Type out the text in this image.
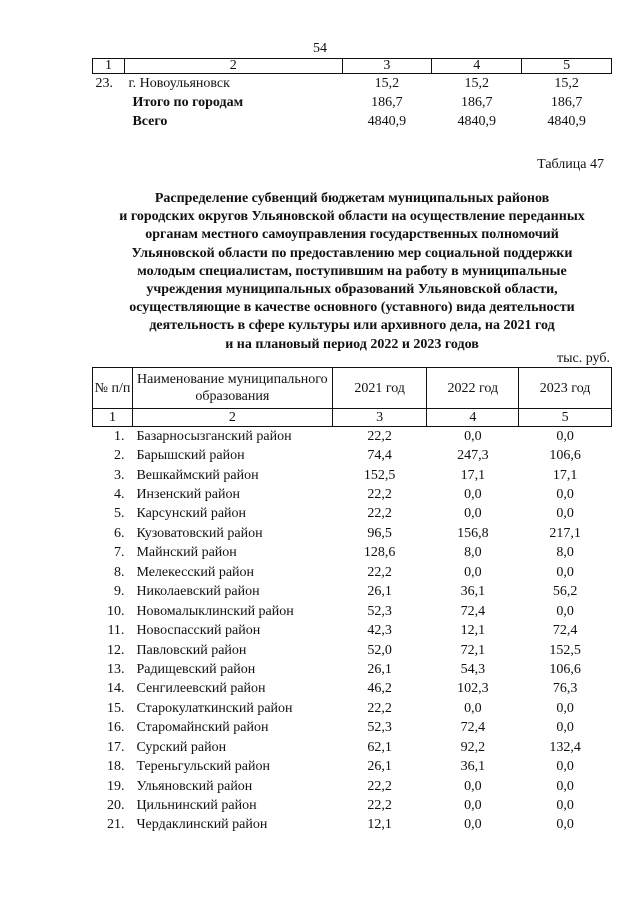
54
1	2	3	4	5
23.	г. Новоульяновск	15,2	15,2	15,2
	Итого по городам	186,7	186,7	186,7
	Всего	4840,9	4840,9	4840,9
Таблица 47
Распределение субвенций бюджетам муниципальных районов
и городских округов Ульяновской области на осуществление переданных
органам местного самоуправления государственных полномочий
Ульяновской области по предоставлению мер социальной поддержки
молодым специалистам, поступившим на работу в муниципальные
учреждения муниципальных образований Ульяновской области,
осуществляющие в качестве основного (уставного) вида деятельности
деятельность в сфере культуры или архивного дела, на 2021 год
и на плановый период 2022 и 2023 годов
тыс. руб.
№ п/п	Наименование муниципального образования	2021 год	2022 год	2023 год
1	2	3	4	5
1.	Базарносызганский район	22,2	0,0	0,0
2.	Барышский район	74,4	247,3	106,6
3.	Вешкаймский район	152,5	17,1	17,1
4.	Инзенский район	22,2	0,0	0,0
5.	Карсунский район	22,2	0,0	0,0
6.	Кузоватовский район	96,5	156,8	217,1
7.	Майнский район	128,6	8,0	8,0
8.	Мелекесский район	22,2	0,0	0,0
9.	Николаевский район	26,1	36,1	56,2
10.	Новомалыклинский район	52,3	72,4	0,0
11.	Новоспасский район	42,3	12,1	72,4
12.	Павловский район	52,0	72,1	152,5
13.	Радищевский район	26,1	54,3	106,6
14.	Сенгилеевский район	46,2	102,3	76,3
15.	Старокулаткинский район	22,2	0,0	0,0
16.	Старомайнский район	52,3	72,4	0,0
17.	Сурский район	62,1	92,2	132,4
18.	Тереньгульский район	26,1	36,1	0,0
19.	Ульяновский район	22,2	0,0	0,0
20.	Цильнинский район	22,2	0,0	0,0
21.	Чердаклинский район	12,1	0,0	0,0
